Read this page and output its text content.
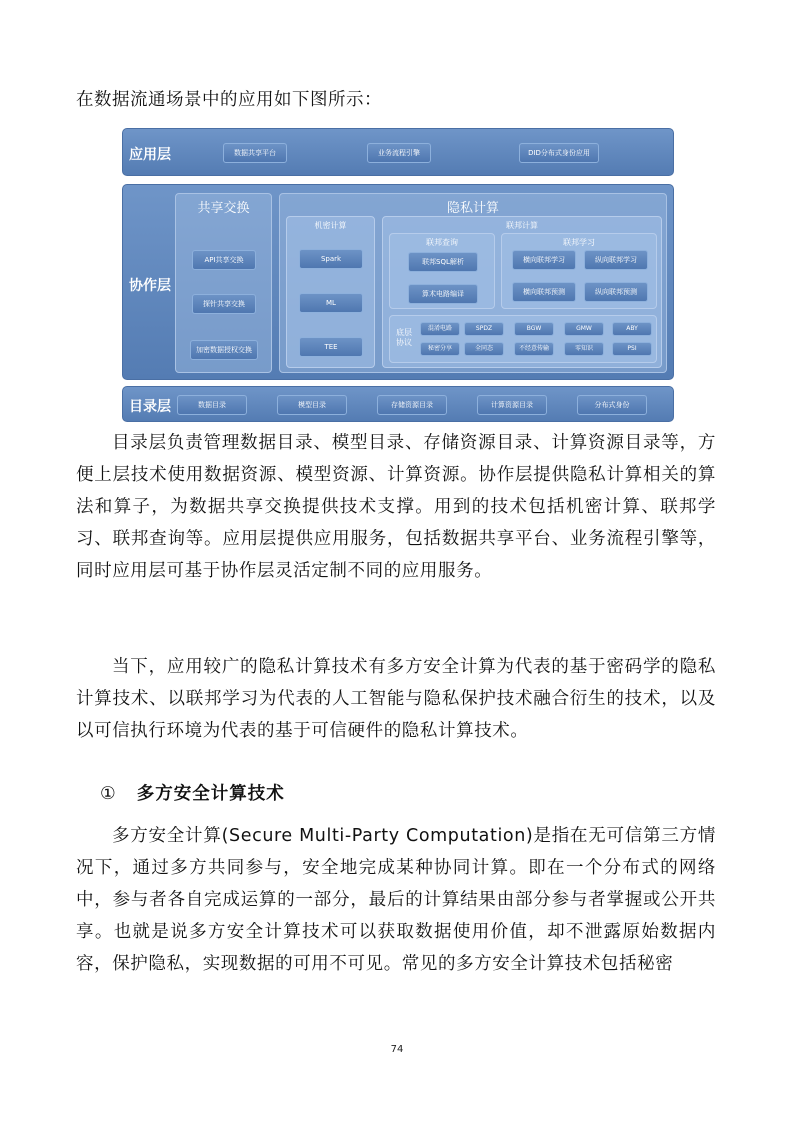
在数据流通场景中的应用如下图所示：
应用层	数据共享平台	业务流程引擎	DID分布式身份应用
协作层
共享交换
API共享交换
探针共享交换
加密数据授权交换
隐私计算
机密计算
Spark
ML
TEE
联邦计算
联邦查询
联邦SQL解析
算术电路编译
联邦学习
横向联邦学习	纵向联邦学习
横向联邦预测	纵向联邦预测
底层协议
混淆电路	SPDZ	BGW	GMW	ABY
秘密分享	全同态	不经意传输	零知识	PSI
目录层	数据目录	模型目录	存储资源目录	计算资源目录	分布式身份

目录层负责管理数据目录、模型目录、存储资源目录、计算资源目录等，方便上层技术使用数据资源、模型资源、计算资源。协作层提供隐私计算相关的算法和算子，为数据共享交换提供技术支撑。用到的技术包括机密计算、联邦学习、联邦查询等。应用层提供应用服务，包括数据共享平台、业务流程引擎等，同时应用层可基于协作层灵活定制不同的应用服务。

当下，应用较广的隐私计算技术有多方安全计算为代表的基于密码学的隐私计算技术、以联邦学习为代表的人工智能与隐私保护技术融合衍生的技术，以及以可信执行环境为代表的基于可信硬件的隐私计算技术。

① 多方安全计算技术

多方安全计算(Secure Multi-Party Computation)是指在无可信第三方情况下，通过多方共同参与，安全地完成某种协同计算。即在一个分布式的网络中，参与者各自完成运算的一部分，最后的计算结果由部分参与者掌握或公开共享。也就是说多方安全计算技术可以获取数据使用价值，却不泄露原始数据内容，保护隐私，实现数据的可用不可见。常见的多方安全计算技术包括秘密

74
